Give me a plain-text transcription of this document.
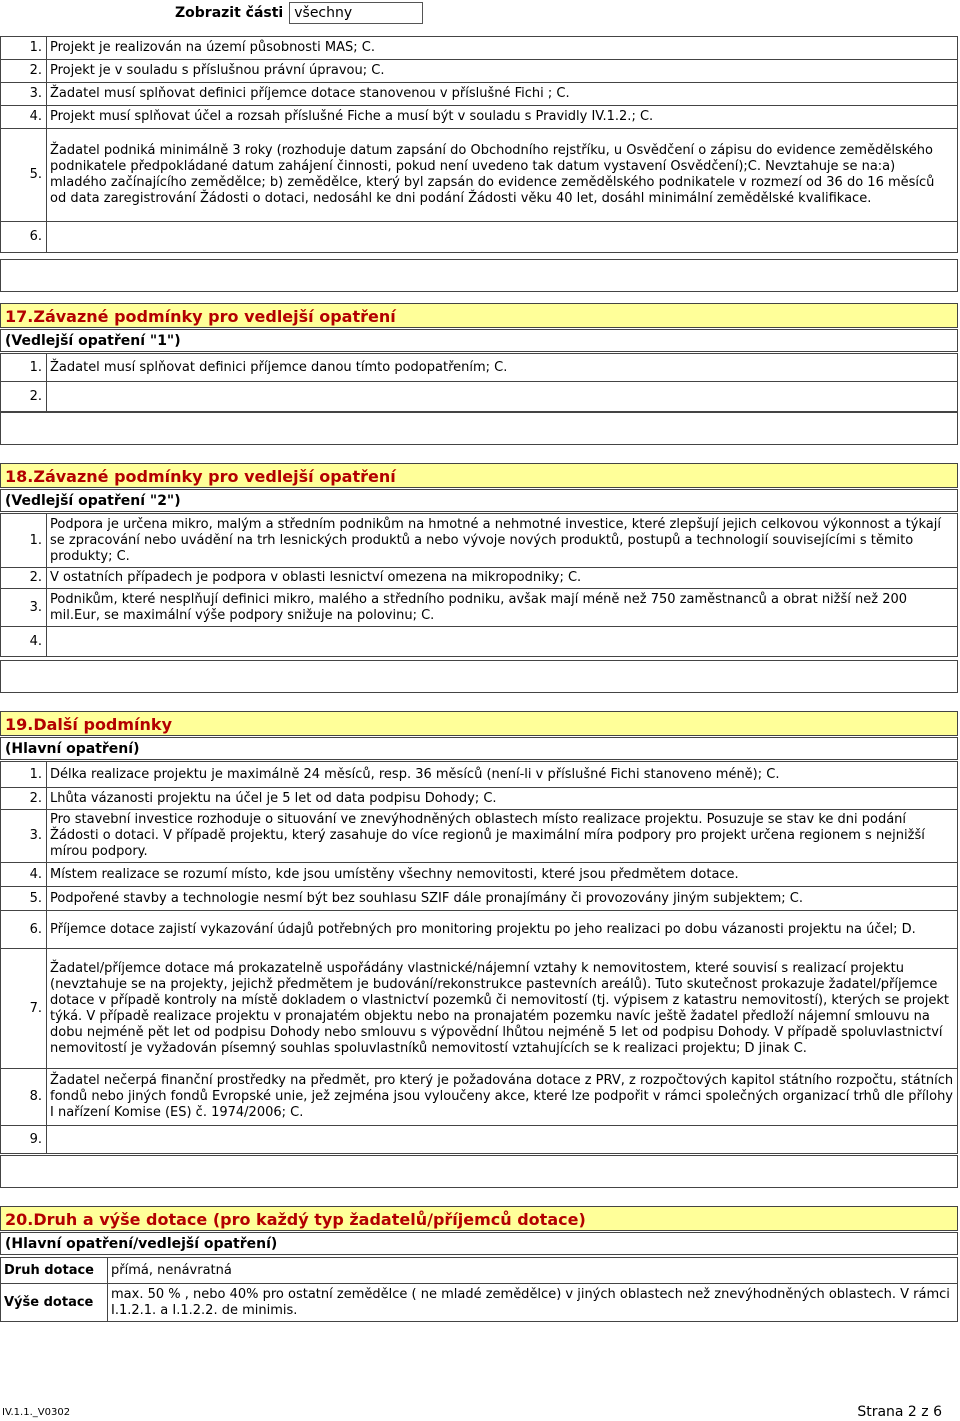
Zobrazit části všechny
1.	Projekt je realizován na území působnosti MAS; C.
2.	Projekt je v souladu s příslušnou právní úpravou; C.
3.	Žadatel musí splňovat definici příjemce dotace stanovenou v příslušné Fichi ; C.
4.	Projekt musí splňovat účel a rozsah příslušné Fiche a musí být v souladu s Pravidly IV.1.2.; C.
5.	Žadatel podniká minimálně 3 roky (rozhoduje datum zapsání do Obchodního rejstříku, u Osvědčení o zápisu do evidence zemědělského podnikatele předpokládané datum zahájení činnosti, pokud není uvedeno tak datum vystavení Osvědčení);C. Nevztahuje se na:a) mladého začínajícího zemědělce; b) zemědělce, který byl zapsán do evidence zemědělského podnikatele v rozmezí od 36 do 16 měsíců od data zaregistrování Žádosti o dotaci, nedosáhl ke dni podání Žádosti věku 40 let, dosáhl minimální zemědělské kvalifikace.
6.	
17.Závazné podmínky pro vedlejší opatření
(Vedlejší opatření "1")
1.	Žadatel musí splňovat definici příjemce danou tímto podopatřením; C.
2.	
18.Závazné podmínky pro vedlejší opatření
(Vedlejší opatření "2")
1.	Podpora je určena mikro, malým a středním podnikům na hmotné a nehmotné investice, které zlepšují jejich celkovou výkonnost a týkají se zpracování nebo uvádění na trh lesnických produktů a nebo vývoje nových produktů, postupů a technologií souvisejícími s těmito produkty; C.
2.	V ostatních případech je podpora v oblasti lesnictví omezena na mikropodniky; C.
3.	Podnikům, které nesplňují definici mikro, malého a středního podniku, avšak mají méně než 750 zaměstnanců a obrat nižší než 200 mil.Eur, se maximální výše podpory snižuje na polovinu; C.
4.	
19.Další podmínky
(Hlavní opatření)
1.	Délka realizace projektu je maximálně 24 měsíců, resp. 36 měsíců (není-li v příslušné Fichi stanoveno méně); C.
2.	Lhůta vázanosti projektu na účel je 5 let od data podpisu Dohody; C.
3.	Pro stavební investice rozhoduje o situování ve znevýhodněných oblastech místo realizace projektu. Posuzuje se stav ke dni podání Žádosti o dotaci. V případě projektu, který zasahuje do více regionů je maximální míra podpory pro projekt určena regionem s nejnižší mírou podpory.
4.	Místem realizace se rozumí místo, kde jsou umístěny všechny nemovitosti, které jsou předmětem dotace.
5.	Podpořené stavby a technologie nesmí být bez souhlasu SZIF dále pronajímány či provozovány jiným subjektem; C.
6.	Příjemce dotace zajistí vykazování údajů potřebných pro monitoring projektu po jeho realizaci po dobu vázanosti projektu na účel; D.
7.	Žadatel/příjemce dotace má prokazatelně uspořádány vlastnické/nájemní vztahy k nemovitostem, které souvisí s realizací projektu (nevztahuje se na projekty, jejichž předmětem je budování/rekonstrukce pastevních areálů). Tuto skutečnost prokazuje žadatel/příjemce dotace v případě kontroly na místě dokladem o vlastnictví pozemků či nemovitostí (tj. výpisem z katastru nemovitostí), kterých se projekt týká. V případě realizace projektu v pronajatém objektu nebo na pronajatém pozemku navíc ještě žadatel předloží nájemní smlouvu na dobu nejméně pět let od podpisu Dohody nebo smlouvu s výpovědní lhůtou nejméně 5 let od podpisu Dohody. V případě spoluvlastnictví nemovitostí je vyžadován písemný souhlas spoluvlastníků nemovitostí vztahujících se k realizaci projektu; D jinak C.
8.	Žadatel nečerpá finanční prostředky na předmět, pro který je požadována dotace z PRV, z rozpočtových kapitol státního rozpočtu, státních fondů nebo jiných fondů Evropské unie, jež zejména jsou vyloučeny akce, které lze podpořit v rámci společných organizací trhů dle přílohy I nařízení Komise (ES) č. 1974/2006; C.
9.	
20.Druh a výše dotace (pro každý typ žadatelů/příjemců dotace)
(Hlavní opatření/vedlejší opatření)
Druh dotace	přímá, nenávratná
Výše dotace	max. 50 % , nebo 40% pro ostatní zemědělce ( ne mladé zemědělce) v jiných oblastech než znevýhodněných oblastech. V rámci I.1.2.1. a I.1.2.2. de minimis.
IV.1.1._V0302	Strana 2 z 6
